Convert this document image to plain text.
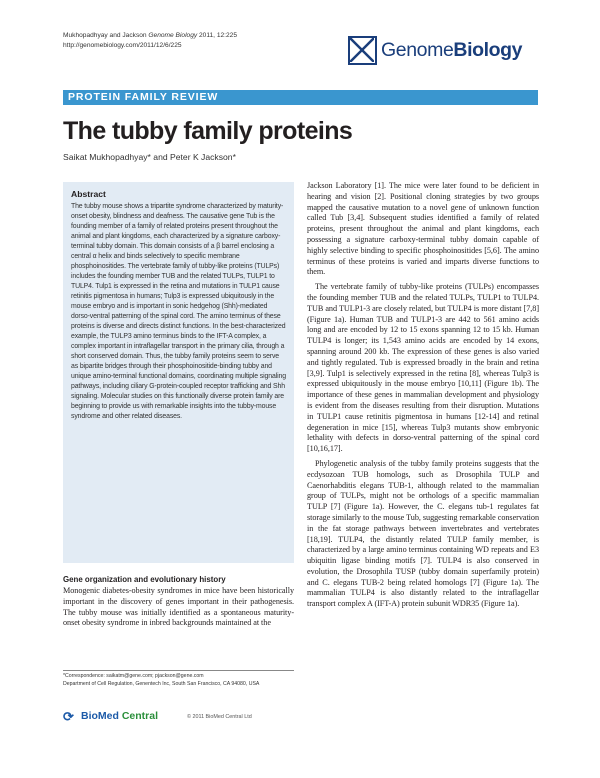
Mukhopadhyay and Jackson Genome Biology 2011, 12:225
http://genomebiology.com/2011/12/6/225	GenomeBiology
PROTEIN FAMILY REVIEW
The tubby family proteins
Saikat Mukhopadhyay* and Peter K Jackson*
Abstract

The tubby mouse shows a tripartite syndrome characterized by maturity-onset obesity, blindness and deafness. The causative gene Tub is the founding member of a family of related proteins present throughout the animal and plant kingdoms, each characterized by a signature carboxy-terminal tubby domain. This domain consists of a β barrel enclosing a central α helix and binds selectively to specific membrane phosphoinositides. The vertebrate family of tubby-like proteins (TULPs) includes the founding member TUB and the related TULPs, TULP1 to TULP4. Tulp1 is expressed in the retina and mutations in TULP1 cause retinitis pigmentosa in humans; Tulp3 is expressed ubiquitously in the mouse embryo and is important in sonic hedgehog (Shh)-mediated dorso-ventral patterning of the spinal cord. The amino terminus of these proteins is diverse and directs distinct functions. In the best-characterized example, the TULP3 amino terminus binds to the IFT-A complex, a complex important in intraflagellar transport in the primary cilia, through a short conserved domain. Thus, the tubby family proteins seem to serve as bipartite bridges through their phosphoinositide-binding tubby and unique amino-terminal functional domains, coordinating multiple signaling pathways, including ciliary G-protein-coupled receptor trafficking and Shh signaling. Molecular studies on this functionally diverse protein family are beginning to provide us with remarkable insights into the tubby-mouse syndrome and other related diseases.

Gene organization and evolutionary history

Monogenic diabetes-obesity syndromes in mice have been historically important in the discovery of genes important in their pathogenesis. The tubby mouse was initially identified as a spontaneous maturity-onset obesity syndrome in inbred backgrounds maintained at the

*Correspondence: saikatm@gene.com; pjackson@gene.com
Department of Cell Regulation, Genentech Inc, South San Francisco, CA 94080, USA
⟳ BioMed Central	© 2011 BioMed Central Ltd

Jackson Laboratory [1]. The mice were later found to be deficient in hearing and vision [2]. Positional cloning strategies by two groups mapped the causative mutation to a novel gene of unknown function called Tub [3,4]. Subsequent studies identified a family of related proteins, present throughout the animal and plant kingdoms, each possessing a signature carboxy-terminal tubby domain capable of highly selective binding to specific phosphoinositides [5,6]. The amino terminus of these proteins is varied and imparts diverse functions to them.

The vertebrate family of tubby-like proteins (TULPs) encompasses the founding member TUB and the related TULPs, TULP1 to TULP4. TUB and TULP1-3 are closely related, but TULP4 is more distant [7,8] (Figure 1a). Human TUB and TULP1-3 are 442 to 561 amino acids long and are encoded by 12 to 15 exons spanning 12 to 15 kb. Human TULP4 is longer; its 1,543 amino acids are encoded by 14 exons, spanning around 200 kb. The expression of these genes is also varied and tightly regulated. Tub is expressed broadly in the brain and retina [3,9]. Tulp1 is selectively expressed in the retina [8], whereas Tulp3 is expressed ubiquitously in the mouse embryo [10,11] (Figure 1b). The importance of these genes in mammalian development and physiology is evident from the diseases resulting from their disruption. Mutations in TULP1 cause retinitis pigmentosa in humans [12-14] and retinal degeneration in mice [15], whereas Tulp3 mutants show embryonic lethality with defects in dorso-ventral patterning of the spinal cord [10,16,17].

Phylogenetic analysis of the tubby family proteins suggests that the ecdysozoan TUB homologs, such as Drosophila TULP and Caenorhabditis elegans TUB-1, although related to the mammalian group of TULPs, might not be orthologs of a specific mammalian TULP [7] (Figure 1a). However, the C. elegans tub-1 regulates fat storage similarly to the mouse Tub, suggesting remarkable conservation in the fat storage pathways between invertebrates and vertebrates [18,19]. TULP4, the distantly related TULP family member, is characterized by a large amino terminus containing WD repeats and E3 ubiquitin ligase binding motifs [7]. TULP4 is also conserved in evolution, the Drosophila TUSP (tubby domain superfamily protein) and C. elegans TUB-2 being related homologs [7] (Figure 1a). The mammalian TULP4 is also distantly related to the intraflagellar transport complex A (IFT-A) protein subunit WDR35 (Figure 1a).
